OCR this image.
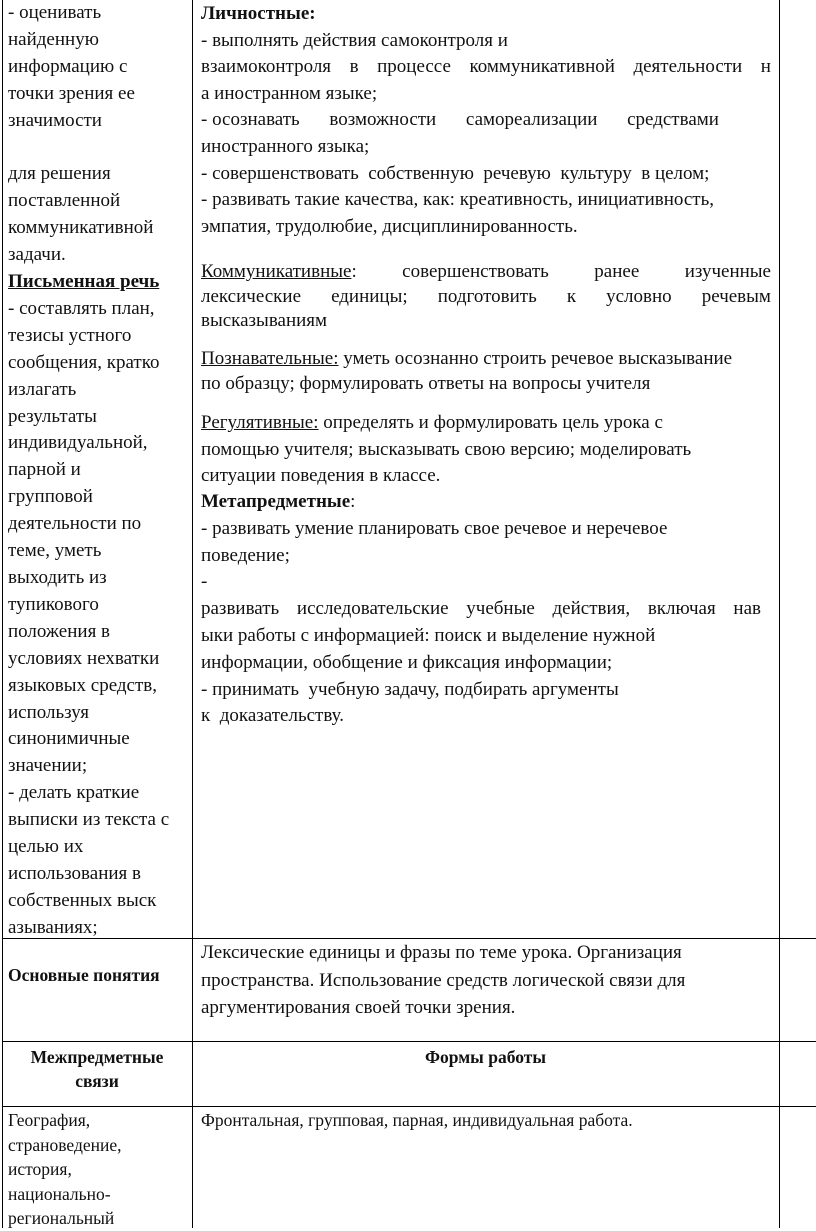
- оценивать
найденную
информацию с
точки зрения ее
значимости
для решения
поставленной
коммуникативной
задачи.
Письменная речь
- составлять план,
тезисы устного
сообщения, кратко
излагать
результаты
индивидуальной,
парной и
групповой
деятельности по
теме, уметь
выходить из
тупикового
положения в
условиях нехватки
языковых средств,
используя
синонимичные
значении;
- делать краткие
выписки из текста с
целью их
использования в
собственных выск
азываниях;
Личностные:
- выполнять действия самоконтроля и
взаимоконтроля в процессе коммуникативной деятельности н
а иностранном языке;
- осознавать возможности самореализации средствами
иностранного языка;
- совершенствовать  собственную  речевую  культуру  в целом;
- развивать такие качества, как: креативность, инициативность,
эмпатия, трудолюбие, дисциплинированность.
Коммуникативные: совершенствовать ранее изученные
лексические единицы; подготовить к условно речевым
высказываниям
Познавательные: уметь осознанно строить речевое высказывание
по образцу; формулировать ответы на вопросы учителя
Регулятивные: определять и формулировать цель урока с
помощью учителя; высказывать свою версию; моделировать
ситуации поведения в классе.
Метапредметные:
- развивать умение планировать свое речевое и неречевое
поведение;
-
развивать исследовательские учебные действия, включая нав
ыки работы с информацией: поиск и выделение нужной
информации, обобщение и фиксация информации;
- принимать  учебную задачу, подбирать аргументы
к  доказательству.
Основные понятия
Лексические единицы и фразы по теме урока. Организация
пространства. Использование средств логической связи для
аргументирования своей точки зрения.
Межпредметные
связи
Формы работы
География,
страноведение,
история,
национально-
региональный
Фронтальная, групповая, парная, индивидуальная работа.
